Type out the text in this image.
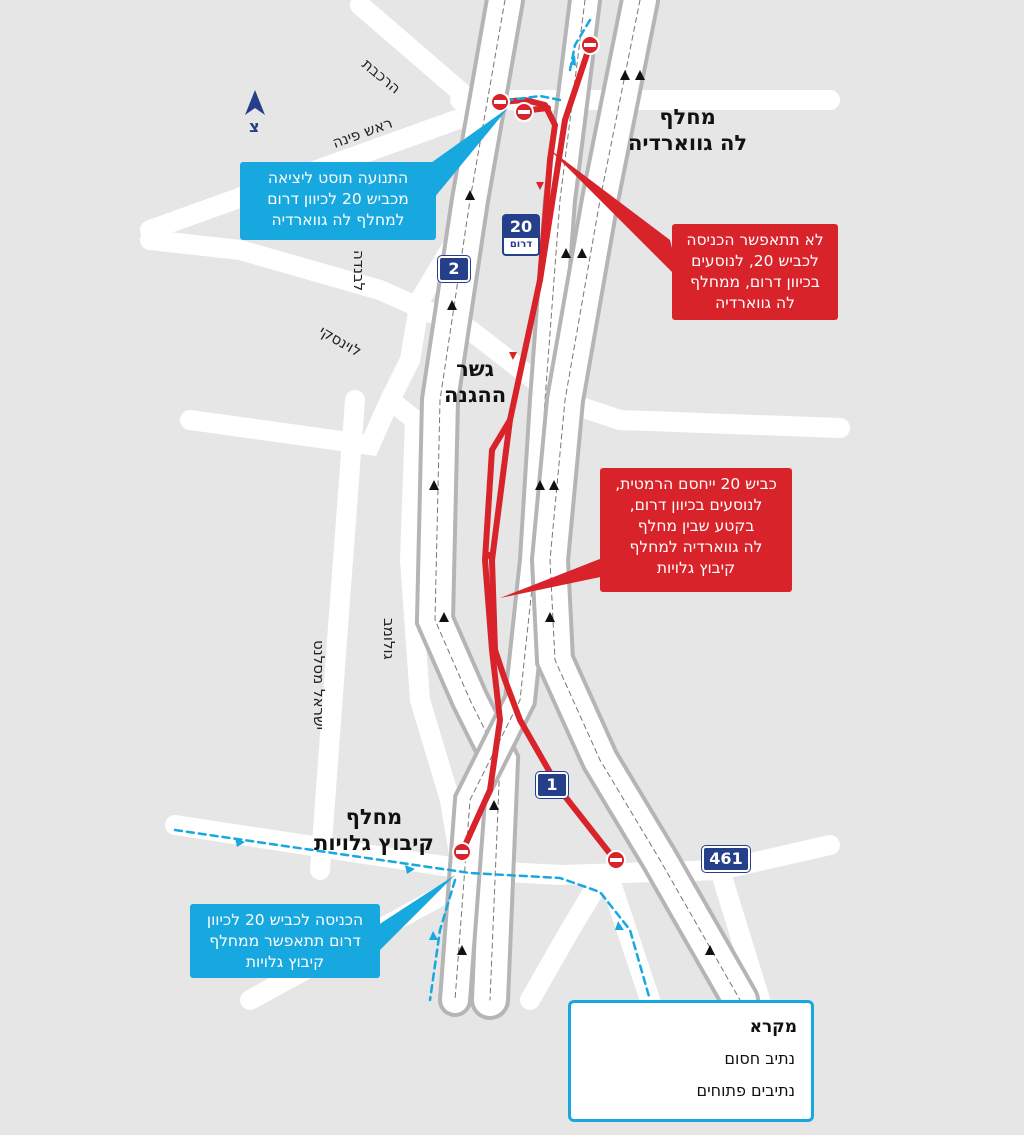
הרכבת
ראש פינה
לבנדה
לוינסקי
גולומב
ישראל מסלנט
צ	מחלף
לה גווארדיה
גשר
ההגנה
מחלף
קיבוץ גלויות
20
דרום
2
1
461
התנועה תוסט ליציאה
מכביש 20 לכיוון דרום
למחלף לה גווארדיה
לא תתאפשר הכניסה
לכביש 20, לנוסעים
בכיוון דרום, ממחלף
לה גווארדיה
כביש 20 ייחסם הרמטית,
לנוסעים בכיוון דרום,
בקטע שבין מחלף
לה גווארדיה למחלף
קיבוץ גלויות
הכניסה לכביש 20 לכיוון
דרום תתאפשר ממחלף
קיבוץ גלויות
מקרא
נתיב חסום
נתיבים פתוחים
